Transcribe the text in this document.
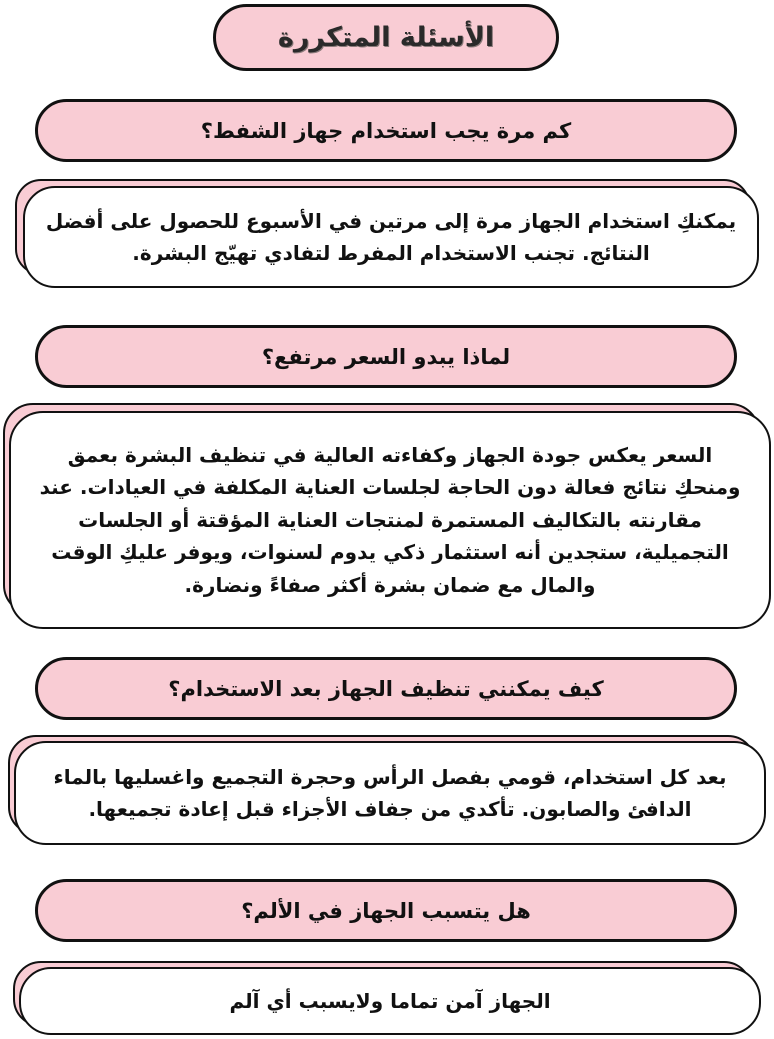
الأسئلة المتكررة
كم مرة يجب استخدام جهاز الشفط؟
يمكنكِ استخدام الجهاز مرة إلى مرتين في الأسبوع للحصول على أفضل النتائج. تجنب الاستخدام المفرط لتفادي تهيّج البشرة.
لماذا يبدو السعر مرتفع؟
السعر يعكس جودة الجهاز وكفاءته العالية في تنظيف البشرة بعمق ومنحكِ نتائج فعالة دون الحاجة لجلسات العناية المكلفة في العيادات. عند مقارنته بالتكاليف المستمرة لمنتجات العناية المؤقتة أو الجلسات التجميلية، ستجدين أنه استثمار ذكي يدوم لسنوات، ويوفر عليكِ الوقت والمال مع ضمان بشرة أكثر صفاءً ونضارة.
كيف يمكنني تنظيف الجهاز بعد الاستخدام؟
بعد كل استخدام، قومي بفصل الرأس وحجرة التجميع واغسليها بالماء الدافئ والصابون. تأكدي من جفاف الأجزاء قبل إعادة تجميعها.
هل يتسبب الجهاز في الألم؟
الجهاز آمن تماما ولايسبب أي آلم
